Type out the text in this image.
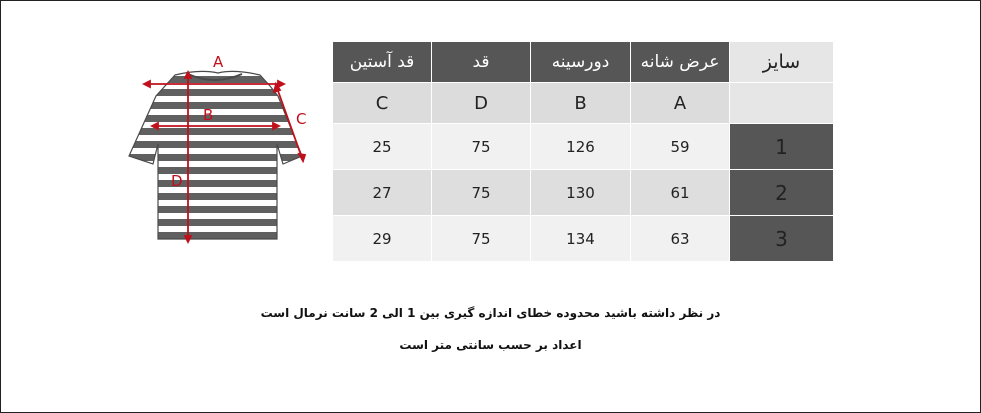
A
B	C
D
قد آستین	قد	دورسینه	عرض شانه	سایز
C	D	B	A	
25	75	126	59	1
27	75	130	61	2
29	75	134	63	3
در نظر داشته باشید محدوده خطای اندازه گیری بین 1 الی 2 سانت نرمال است
اعداد بر حسب سانتی متر است
